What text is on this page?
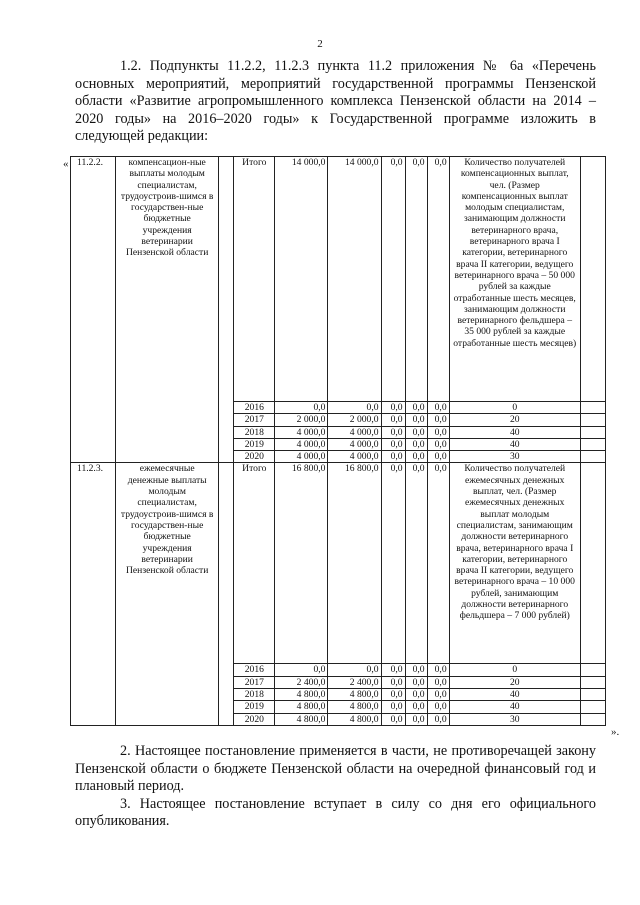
2

1.2. Подпункты 11.2.2, 11.2.3 пункта 11.2 приложения № 6а «Перечень основных мероприятий, мероприятий государственной программы Пензенской области «Развитие агропромышленного комплекса Пензенской области на 2014 – 2020 годы» на 2016–2020 годы» к Государственной программе изложить в следующей редакции:

« 11.2.2.	компенсацион-ные выплаты молодым специалистам, трудоустроив-шимся в государствен-ные бюджетные учреждения ветеринарии Пензенской области		Итого	14 000,0	14 000,0	0,0	0,0	0,0	Количество получателей компенсационных выплат, чел. (Размер компенсационных выплат молодым специалистам, занимающим должности ветеринарного врача, ветеринарного врача I категории, ветеринарного врача II категории, ведущего ветеринарного врача – 50 000 рублей за каждые отработанные шесть месяцев, занимающим должности ветеринарного фельдшера – 35 000 рублей за каждые отработанные шесть месяцев)	
			2016	0,0	0,0	0,0	0,0	0,0	0	
			2017	2 000,0	2 000,0	0,0	0,0	0,0	20	
			2018	4 000,0	4 000,0	0,0	0,0	0,0	40	
			2019	4 000,0	4 000,0	0,0	0,0	0,0	40	
			2020	4 000,0	4 000,0	0,0	0,0	0,0	30	
11.2.3.	ежемесячные денежные выплаты молодым специалистам, трудоустроив-шимся в государствен-ные бюджетные учреждения ветеринарии Пензенской области		Итого	16 800,0	16 800,0	0,0	0,0	0,0	Количество получателей ежемесячных денежных выплат, чел. (Размер ежемесячных денежных выплат молодым специалистам, занимающим должности ветеринарного врача, ветеринарного врача I категории, ветеринарного врача II категории, ведущего ветеринарного врача – 10 000 рублей, занимающим должности ветеринарного фельдшера – 7 000 рублей)	
			2016	0,0	0,0	0,0	0,0	0,0	0	
			2017	2 400,0	2 400,0	0,0	0,0	0,0	20	
			2018	4 800,0	4 800,0	0,0	0,0	0,0	40	
			2019	4 800,0	4 800,0	0,0	0,0	0,0	40	
			2020	4 800,0	4 800,0	0,0	0,0	0,0	30	
».

2. Настоящее постановление применяется в части, не противоречащей закону Пензенской области о бюджете Пензенской области на очередной финансовый год и плановый период.

3. Настоящее постановление вступает в силу со дня его официального опубликования.
